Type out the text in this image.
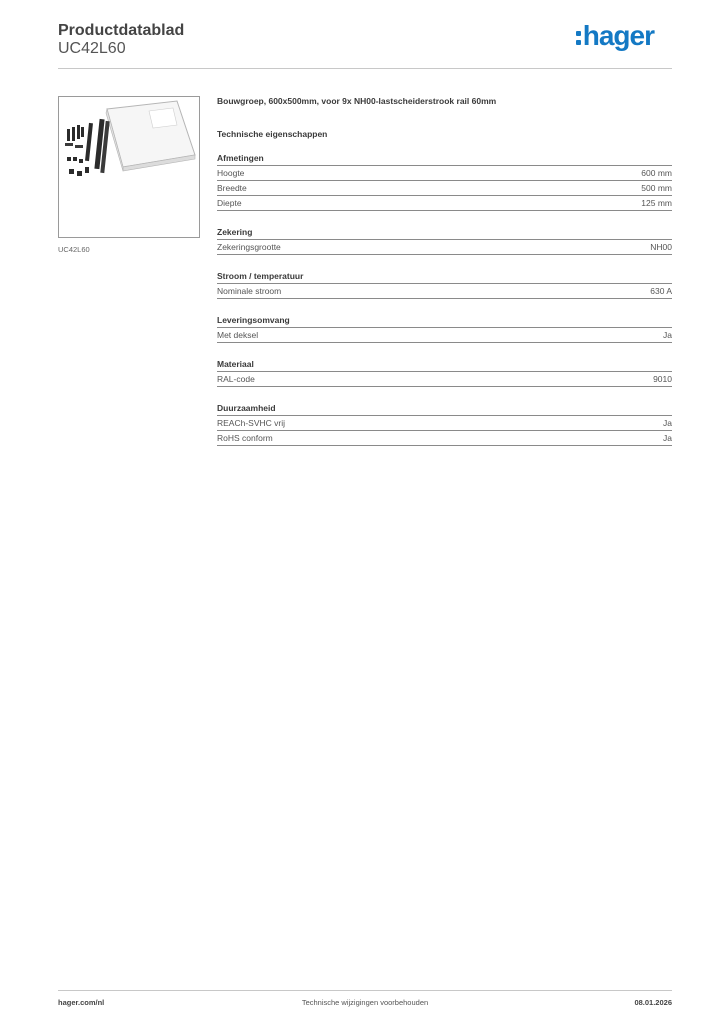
Productdatablad
UC42L60	hager
UC42L60
Bouwgroep, 600x500mm, voor 9x NH00-lastscheiderstrook rail 60mm
Technische eigenschappen
Afmetingen
Hoogte	600 mm
Breedte	500 mm
Diepte	125 mm
Zekering
Zekeringsgrootte	NH00
Stroom / temperatuur
Nominale stroom	630 A
Leveringsomvang
Met deksel	Ja
Materiaal
RAL-code	9010
Duurzaamheid
REACh-SVHC vrij	Ja
RoHS conform	Ja
hager.com/nl	Technische wijzigingen voorbehouden	08.01.2026
